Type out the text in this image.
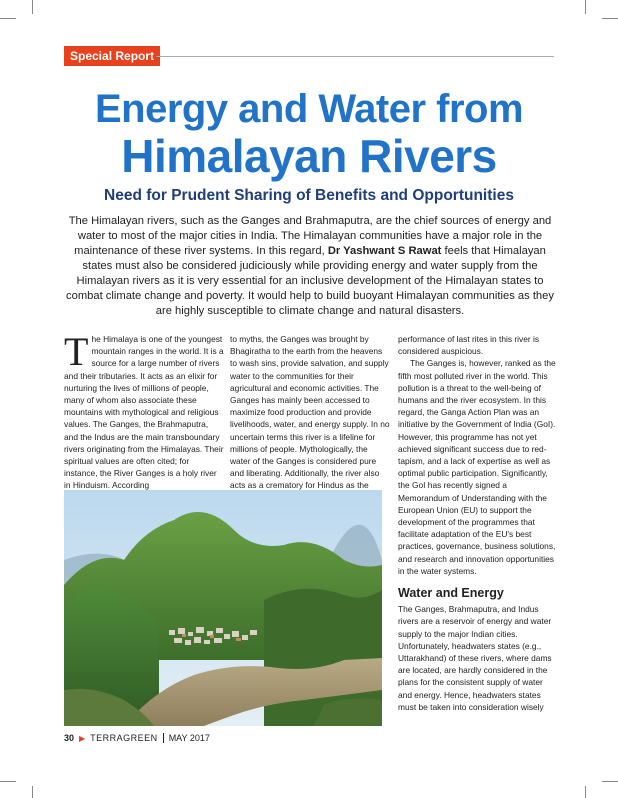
Special Report
Energy and Water from
Himalayan Rivers
Need for Prudent Sharing of Benefits and Opportunities
The Himalayan rivers, such as the Ganges and Brahmaputra, are the chief sources of energy and water to most of the major cities in India. The Himalayan communities have a major role in the maintenance of these river systems. In this regard, Dr Yashwant S Rawat feels that Himalayan states must also be considered judiciously while providing energy and water supply from the Himalayan rivers as it is very essential for an inclusive development of the Himalayan states to combat climate change and poverty. It would help to build buoyant Himalayan communities as they are highly susceptible to climate change and natural disasters.

The Himalaya is one of the youngest mountain ranges in the world. It is a source for a large number of rivers and their tributaries. It acts as an elixir for nurturing the lives of millions of people, many of whom also associate these mountains with mythological and religious values. The Ganges, the Brahmaputra, and the Indus are the main transboundary rivers originating from the Himalayas. Their spiritual values are often cited; for instance, the River Ganges is a holy river in Hinduism. According

to myths, the Ganges was brought by Bhagiratha to the earth from the heavens to wash sins, provide salvation, and supply water to the communities for their agricultural and economic activities. The Ganges has mainly been accessed to maximize food production and provide livelihoods, water, and energy supply. In no uncertain terms this river is a lifeline for millions of people. Mythologically, the water of the Ganges is considered pure and liberating. Additionally, the river also acts as a crematory for Hindus as the

performance of last rites in this river is considered auspicious.

The Ganges is, however, ranked as the fifth most polluted river in the world. This pollution is a threat to the well-being of humans and the river ecosystem. In this regard, the Ganga Action Plan was an initiative by the Government of India (GoI). However, this programme has not yet achieved significant success due to red-tapism, and a lack of expertise as well as optimal public participation. Significantly, the GoI has recently signed a Memorandum of Understanding with the European Union (EU) to support the development of the programmes that facilitate adaptation of the EU's best practices, governance, business solutions, and research and innovation opportunities in the water systems.

Water and Energy

The Ganges, Brahmaputra, and Indus rivers are a reservoir of energy and water supply to the major Indian cities. Unfortunately, headwaters states (e.g., Uttarakhand) of these rivers, where dams are located, are hardly considered in the plans for the consistent supply of water and energy. Hence, headwaters states must be taken into consideration wisely

30 ▶ TERRAGREEN MAY 2017
